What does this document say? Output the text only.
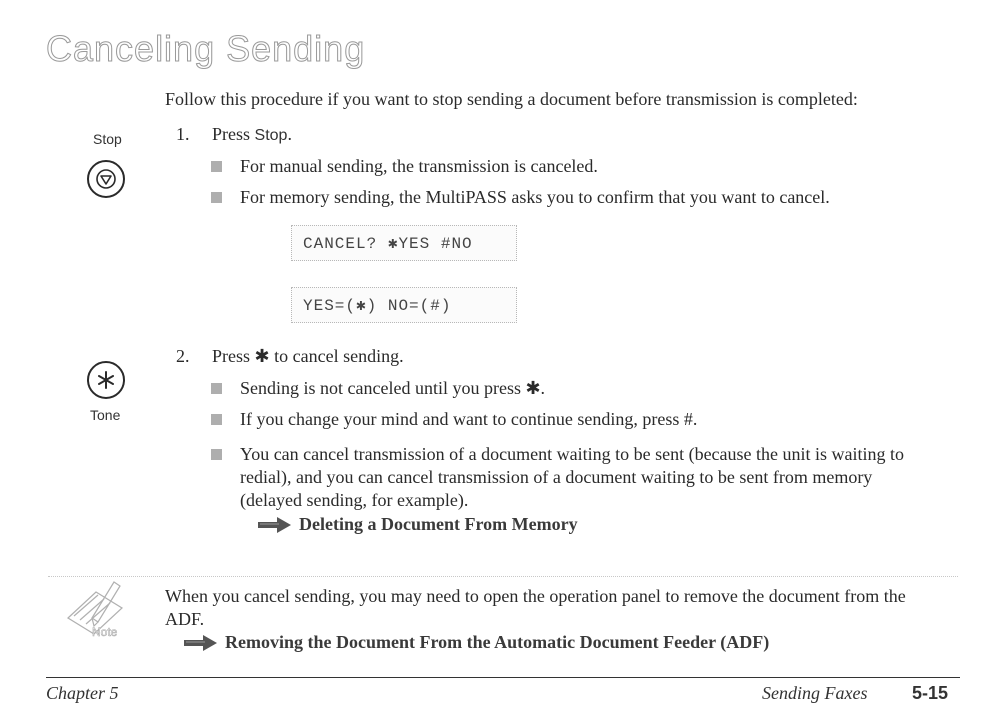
Canceling Sending
Follow this procedure if you want to stop sending a document before transmission is completed:
Stop	1. Press Stop.
For manual sending, the transmission is canceled.
For memory sending, the MultiPASS asks you to confirm that you want to cancel.
CANCEL? ✱YES #NO
YES=(✱) NO=(#)
Tone
2. Press ✱ to cancel sending.
Sending is not canceled until you press ✱.
If you change your mind and want to continue sending, press #.
You can cancel transmission of a document waiting to be sent (because the unit is waiting to redial), and you can cancel transmission of a document waiting to be sent from memory (delayed sending, for example).
Deleting a Document From Memory
Note
When you cancel sending, you may need to open the operation panel to remove the document from the ADF.
Removing the Document From the Automatic Document Feeder (ADF)
Chapter 5	Sending Faxes 5-15
